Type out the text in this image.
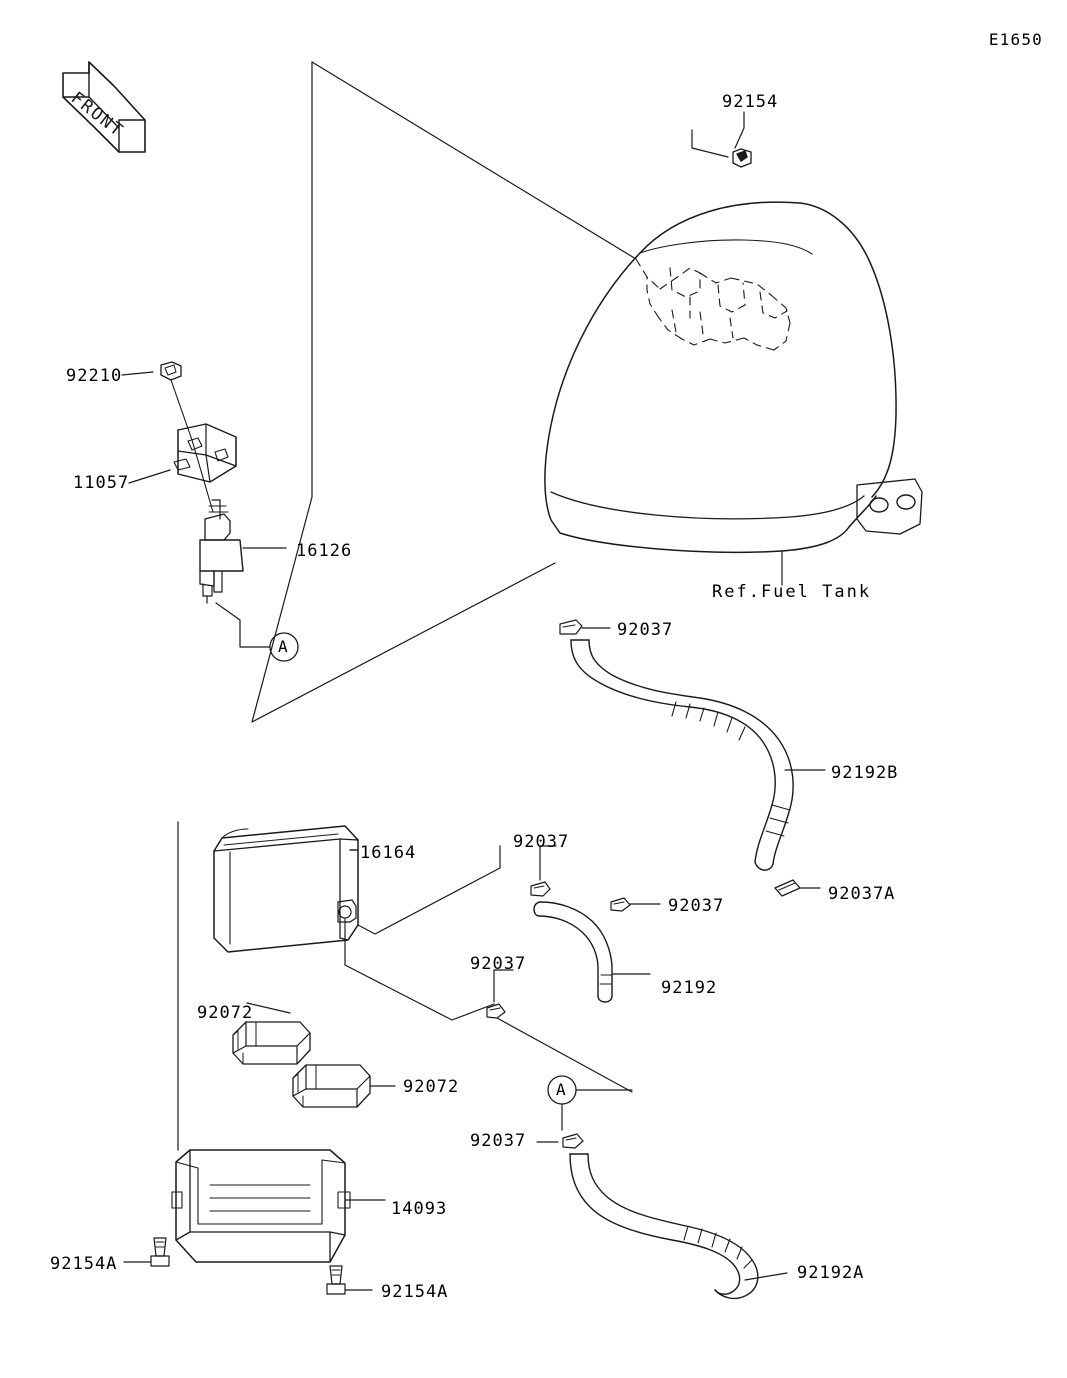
FRONT
E1650
Ref.Fuel Tank
92154
92210
11057
16126
92037
92192B
16164
92037
92037
92037A
92192
92037
92072
92072
92037
14093
92192A
92154A
92154A
A
A
